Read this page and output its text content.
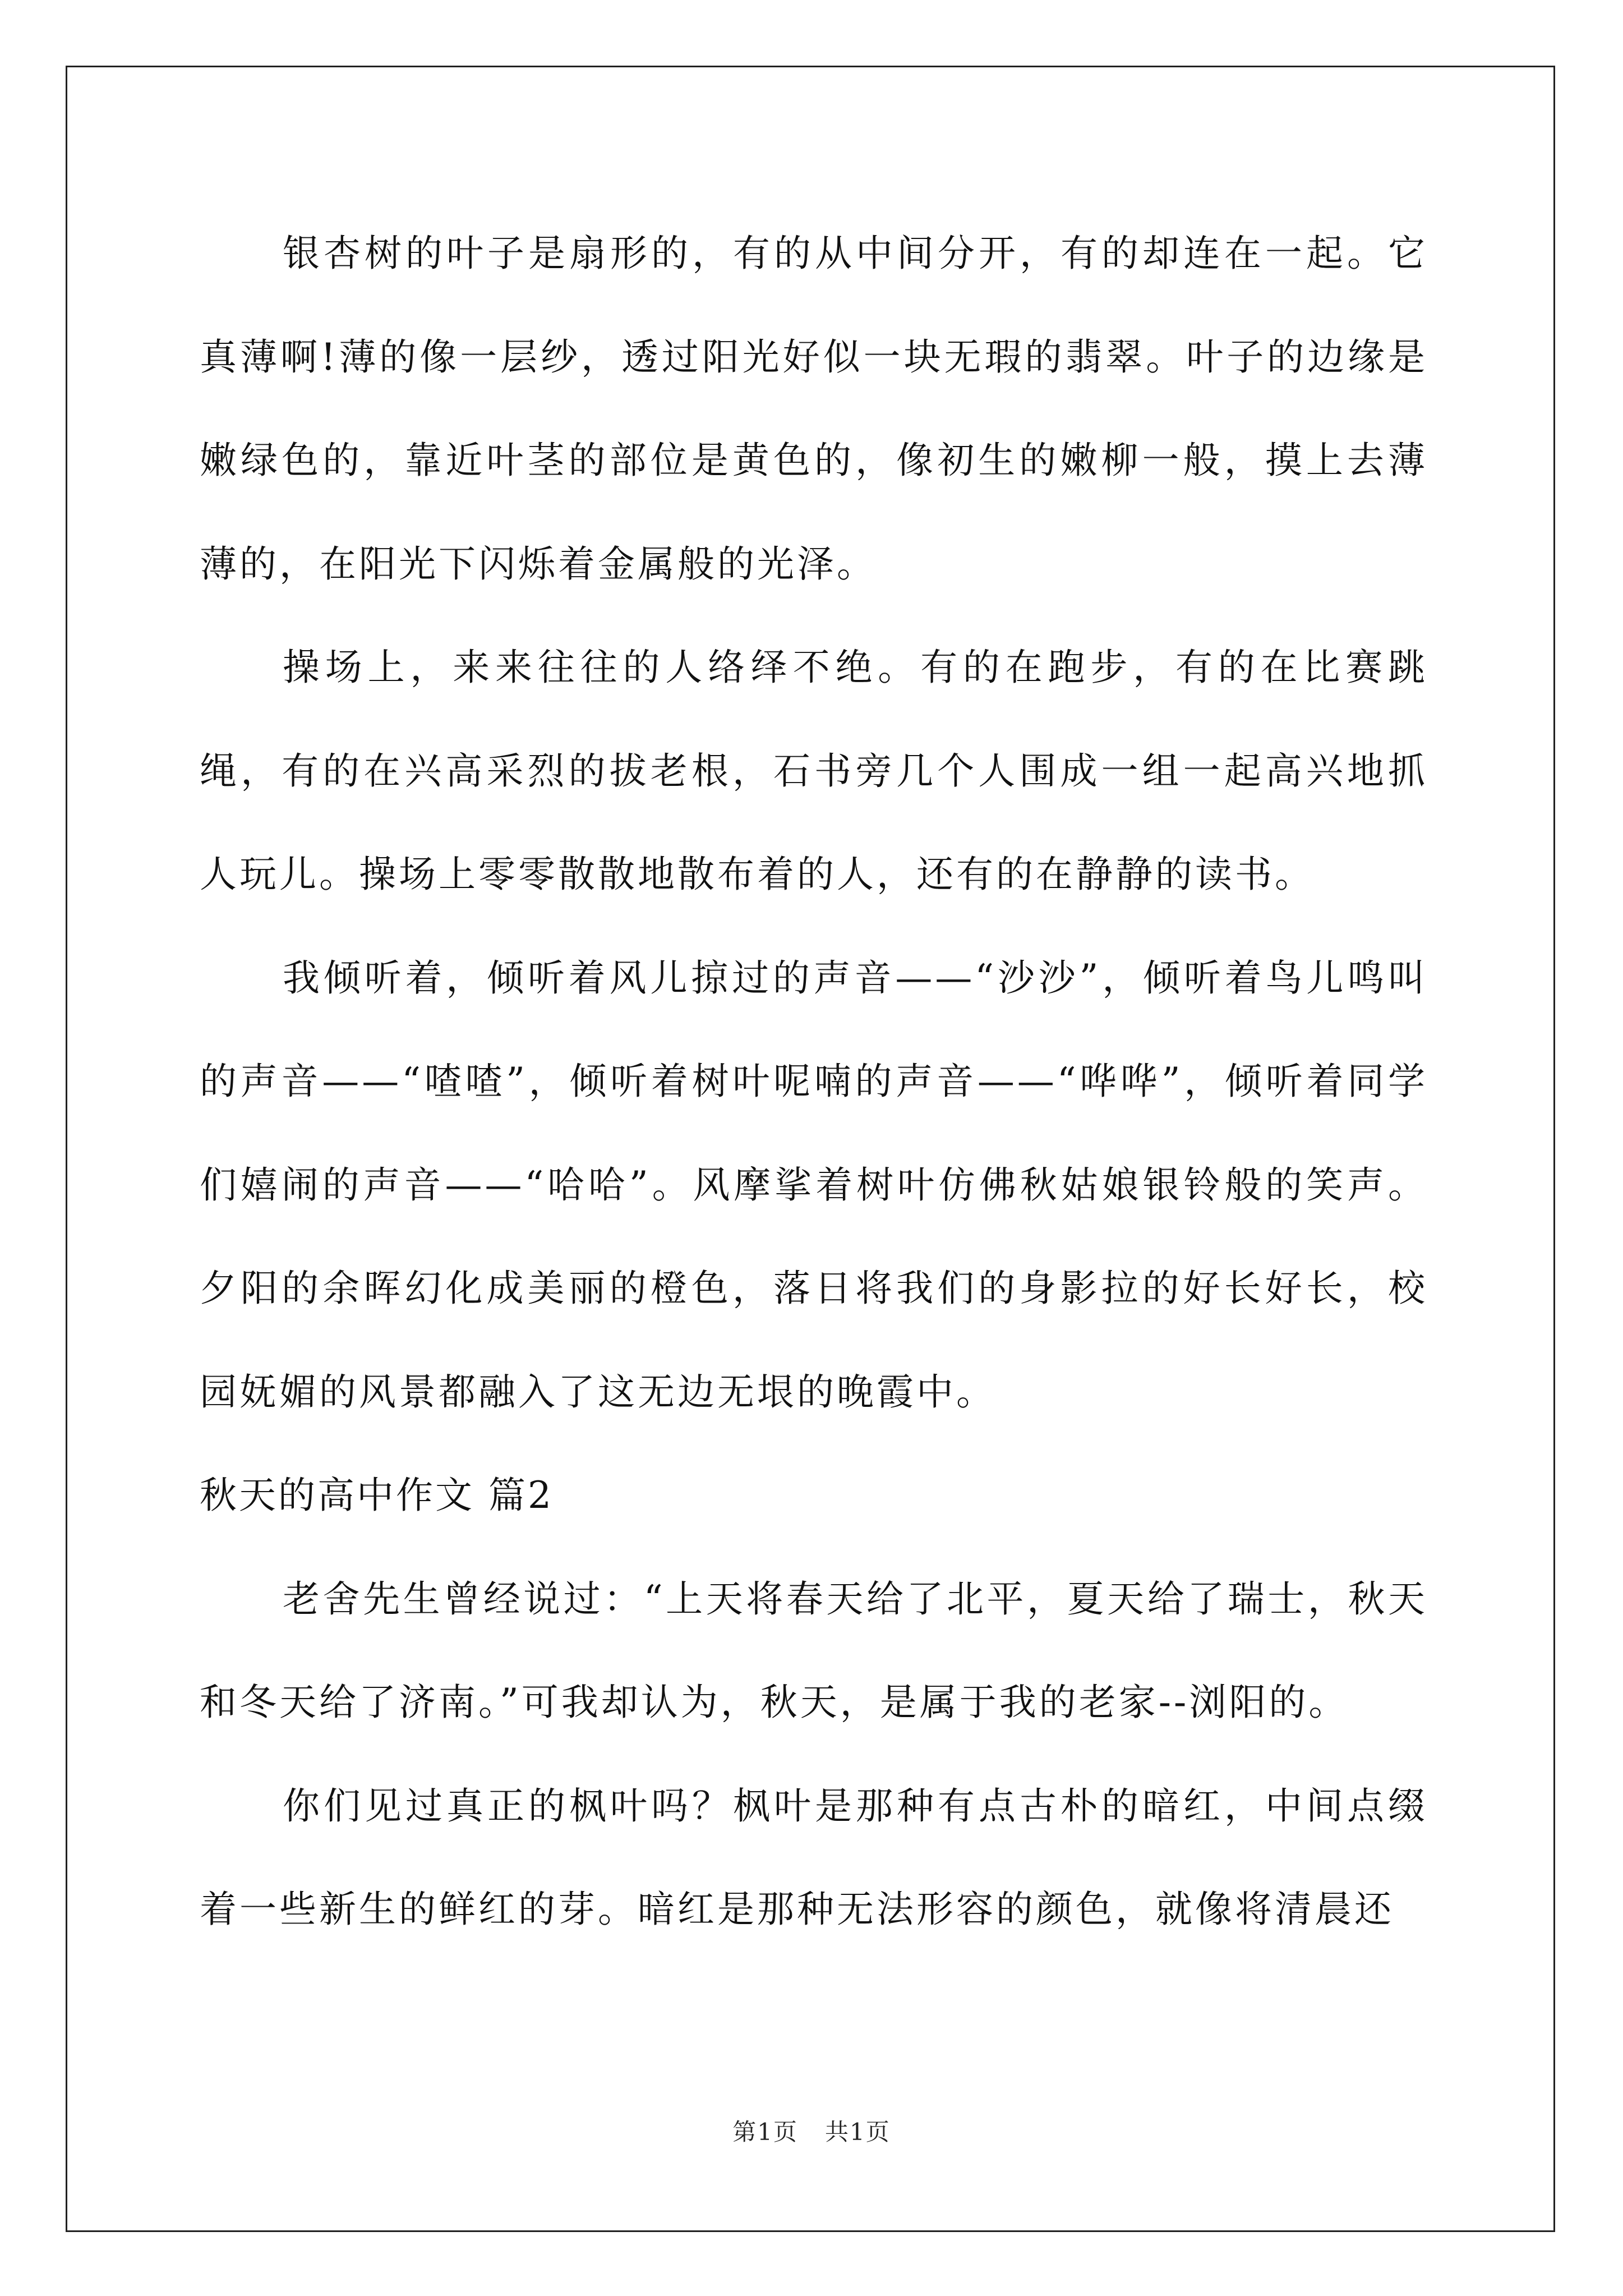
银杏树的叶子是扇形的，有的从中间分开，有的却连在一起。它真薄啊!薄的像一层纱，透过阳光好似一块无瑕的翡翠。叶子的边缘是嫩绿色的，靠近叶茎的部位是黄色的，像初生的嫩柳一般，摸上去薄薄的，在阳光下闪烁着金属般的光泽。

操场上，来来往往的人络绎不绝。有的在跑步，有的在比赛跳绳，有的在兴高采烈的拔老根，石书旁几个人围成一组一起高兴地抓人玩儿。操场上零零散散地散布着的人，还有的在静静的读书。

我倾听着，倾听着风儿掠过的声音——“沙沙”，倾听着鸟儿鸣叫的声音——“喳喳”，倾听着树叶呢喃的声音——“哗哗”，倾听着同学们嬉闹的声音——“哈哈”。风摩挲着树叶仿佛秋姑娘银铃般的笑声。夕阳的余晖幻化成美丽的橙色，落日将我们的身影拉的好长好长，校园妩媚的风景都融入了这无边无垠的晚霞中。

秋天的高中作文 篇2

老舍先生曾经说过：“上天将春天给了北平，夏天给了瑞士，秋天和冬天给了济南。”可我却认为，秋天，是属于我的老家--浏阳的。

你们见过真正的枫叶吗？枫叶是那种有点古朴的暗红，中间点缀着一些新生的鲜红的芽。暗红是那种无法形容的颜色，就像将清晨还

第1页 共1页
